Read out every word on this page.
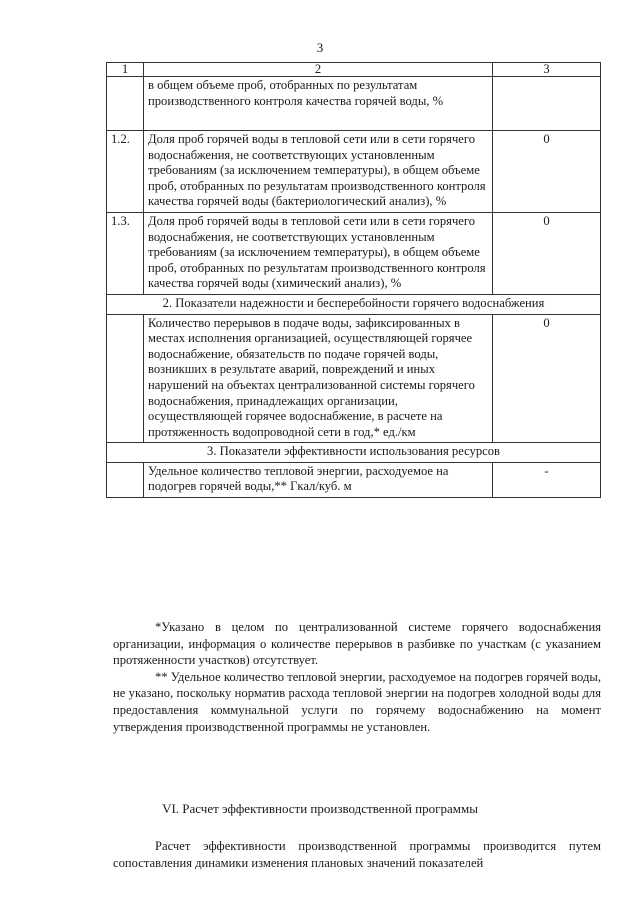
3
1	2	3
	в общем объеме проб, отобранных по результатам производственного контроля качества горячей воды, %	
1.2.	Доля проб горячей воды в тепловой сети или в сети горячего водоснабжения, не соответствующих установленным требованиям (за исключением температуры), в общем объеме проб, отобранных по результатам производственного контроля качества горячей воды (бактериологический анализ), %	0
1.3.	Доля проб горячей воды в тепловой сети или в сети горячего водоснабжения, не соответствующих установленным требованиям (за исключением температуры), в общем объеме проб, отобранных по результатам производственного контроля качества горячей воды (химический анализ), %	0
2. Показатели надежности и бесперебойности горячего водоснабжения		
	Количество перерывов в подаче воды, зафиксированных в местах исполнения организацией, осуществляющей горячее водоснабжение, обязательств по подаче горячей воды, возникших в результате аварий, повреждений и иных нарушений на объектах централизованной системы горячего водоснабжения, принадлежащих организации, осуществляющей горячее водоснабжение, в расчете на протяженность водопроводной сети в год,* ед./км	0
3. Показатели эффективности использования ресурсов		
	Удельное количество тепловой энергии, расходуемое на подогрев горячей воды,** Гкал/куб. м	-

*Указано в целом по централизованной системе горячего водоснабжения организации, информация о количестве перерывов в разбивке по участкам (с указанием протяженности участков) отсутствует.

** Удельное количество тепловой энергии, расходуемое на подогрев горячей воды, не указано, поскольку норматив расхода тепловой энергии на подогрев холодной воды для предоставления коммунальной услуги по горячему водоснабжению на момент утверждения производственной программы не установлен.

VI. Расчет эффективности производственной программы

Расчет эффективности производственной программы производится путем сопоставления динамики изменения плановых значений показателей
